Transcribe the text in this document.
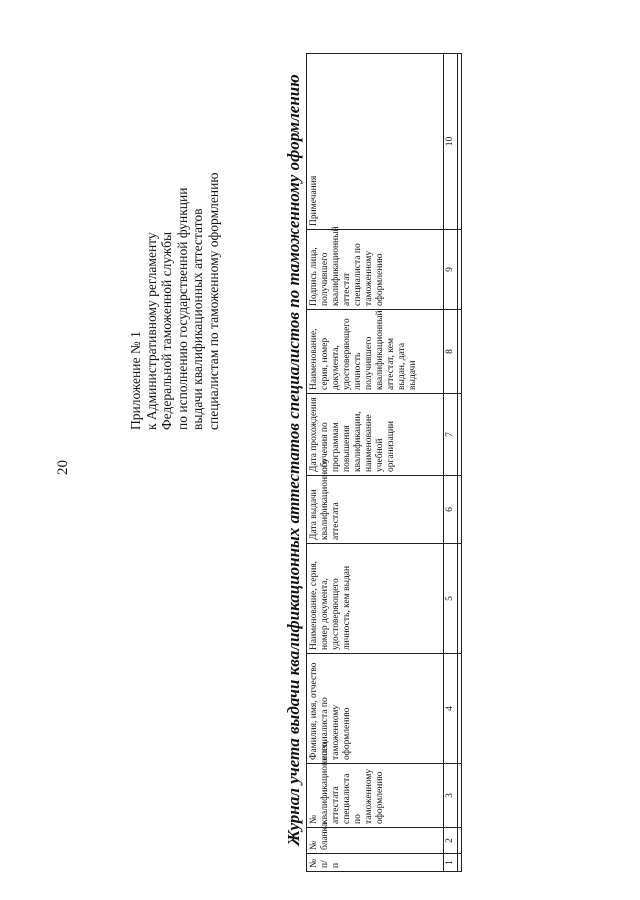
20
Приложение № 1 к Административному регламенту Федеральной таможенной службы по исполнению государственной функции выдачи квалификационных аттестатов специалистам по таможенному оформлению	Журнал учета выдачи квалификационных аттестатов специалистов по таможенному оформлению
№ п/п	№ бланка	№ квалификационного аттестата специалиста по таможенному оформлению	Фамилия, имя, отчество специалиста по таможенному оформлению	Наименование, серия, номер документа, удостоверяющего личность, кем выдан	Дата выдачи квалификационного аттестата	Дата прохождения обучения по программам повышения квалификации, наименование учебной организации	Наименование, серия, номер документа, удостоверяющего личность получившего квалификационный аттестат, кем выдан, дата выдачи	Подпись лица, получившего квалификационный аттестат специалиста по таможенному оформлению	Примечания
1	2	3	4	5	6	7	8	9	10
